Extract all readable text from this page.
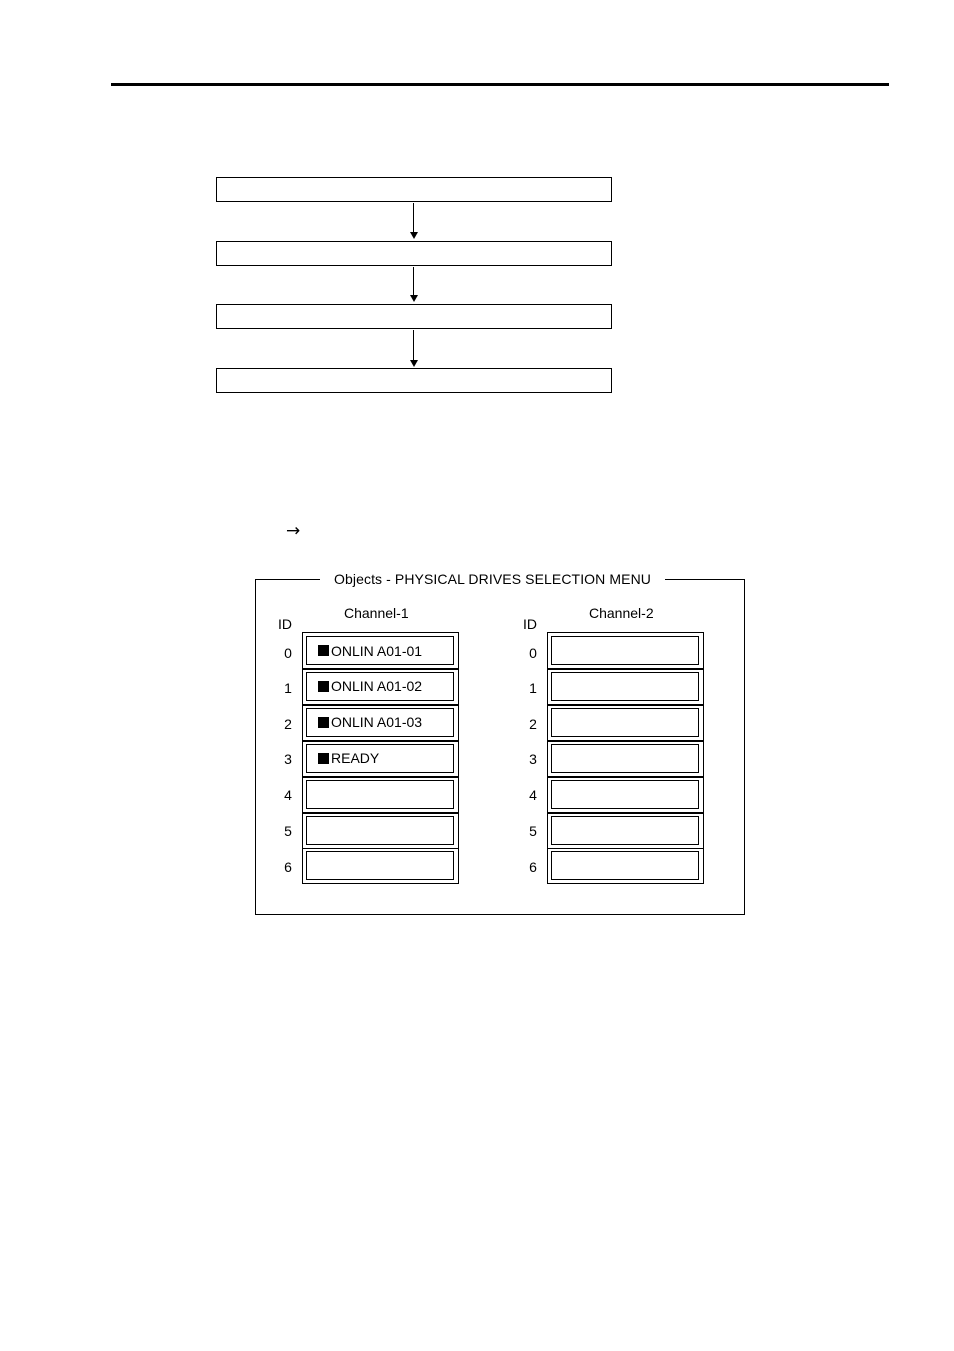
→
Objects - PHYSICAL DRIVES SELECTION MENU
Channel-1
ID
0
1
2
3
4
5
6
ONLIN A01-01
ONLIN A01-02
ONLIN A01-03
READY
Channel-2
ID
0
1
2
3
4
5
6
